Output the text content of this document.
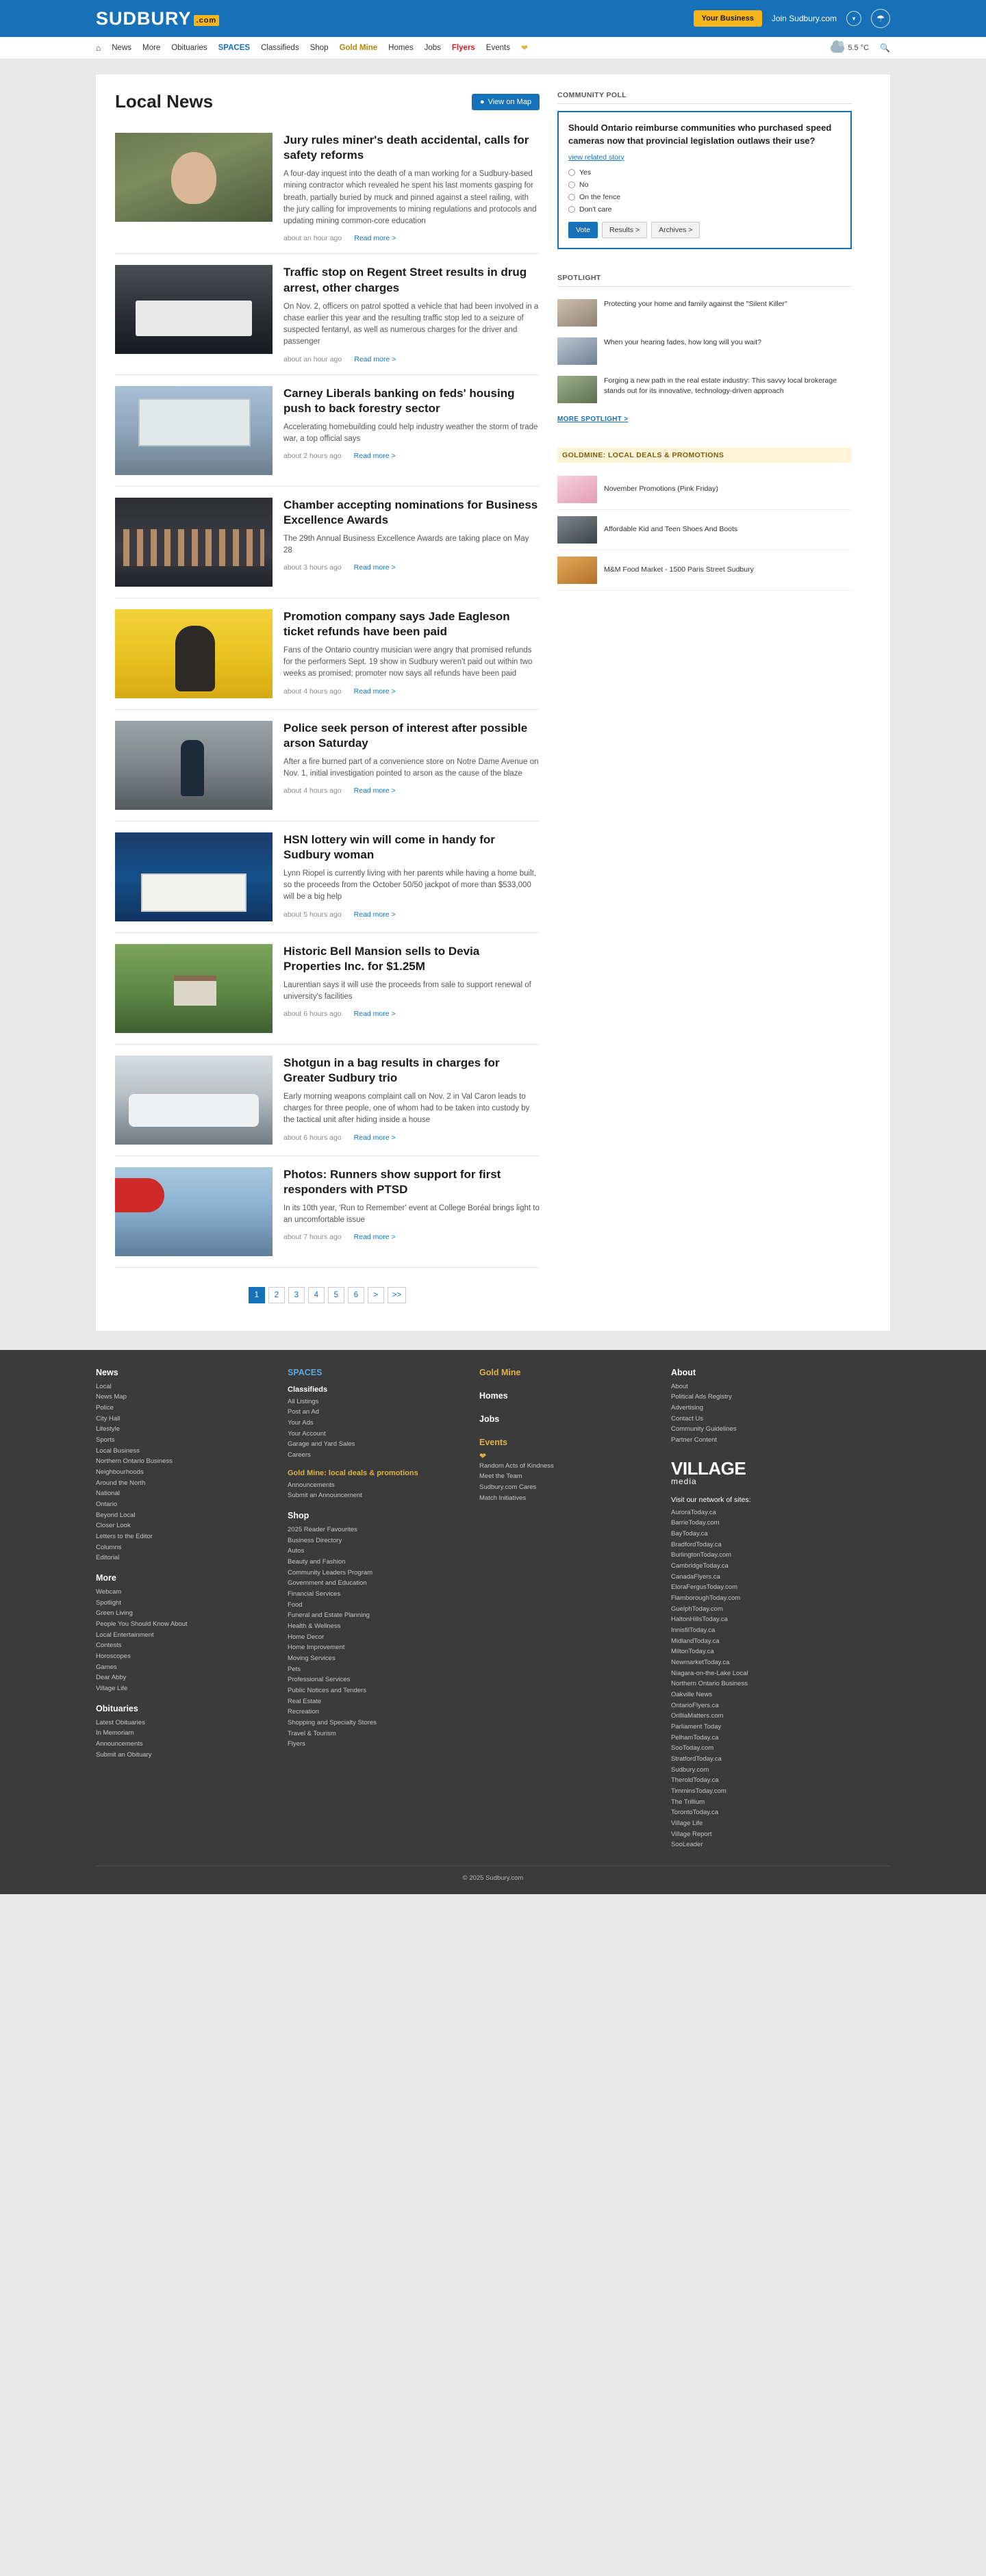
SUDBURY .com	Your Business	Join Sudbury.com	▾	☂
⌂ News More Obituaries SPACES Classifieds Shop Gold Mine Homes Jobs Flyers Events ❤	5.5 °C 🔍
Local News	● View on Map
Jury rules miner's death accidental, calls for safety reforms
A four-day inquest into the death of a man working for a Sudbury-based mining contractor which revealed he spent his last moments gasping for breath, partially buried by muck and pinned against a steel railing, with the jury calling for improvements to mining regulations and protocols and updating mining common-core education
about an hour ago Read more >
Traffic stop on Regent Street results in drug arrest, other charges
On Nov. 2, officers on patrol spotted a vehicle that had been involved in a chase earlier this year and the resulting traffic stop led to a seizure of suspected fentanyl, as well as numerous charges for the driver and passenger
about an hour ago Read more >
Carney Liberals banking on feds' housing push to back forestry sector
Accelerating homebuilding could help industry weather the storm of trade war, a top official says
about 2 hours ago Read more >
Chamber accepting nominations for Business Excellence Awards
The 29th Annual Business Excellence Awards are taking place on May 28
about 3 hours ago Read more >
Promotion company says Jade Eagleson ticket refunds have been paid
Fans of the Ontario country musician were angry that promised refunds for the performers Sept. 19 show in Sudbury weren't paid out within two weeks as promised; promoter now says all refunds have been paid
about 4 hours ago Read more >
Police seek person of interest after possible arson Saturday
After a fire burned part of a convenience store on Notre Dame Avenue on Nov. 1, initial investigation pointed to arson as the cause of the blaze
about 4 hours ago Read more >
HSN lottery win will come in handy for Sudbury woman
Lynn Riopel is currently living with her parents while having a home built, so the proceeds from the October 50/50 jackpot of more than $533,000 will be a big help
about 5 hours ago Read more >
Historic Bell Mansion sells to Devia Properties Inc. for $1.25M
Laurentian says it will use the proceeds from sale to support renewal of university's facilities
about 6 hours ago Read more >
Shotgun in a bag results in charges for Greater Sudbury trio
Early morning weapons complaint call on Nov. 2 in Val Caron leads to charges for three people, one of whom had to be taken into custody by the tactical unit after hiding inside a house
about 6 hours ago Read more >
Photos: Runners show support for first responders with PTSD
In its 10th year, 'Run to Remember' event at College Boréal brings light to an uncomfortable issue
about 7 hours ago Read more >
1	2	3	4	5	6	>	>>
COMMUNITY POLL
Should Ontario reimburse communities who purchased speed cameras now that provincial legislation outlaws their use?
view related story
Yes
No
On the fence
Don't care
Vote	Results >	Archives >
SPOTLIGHT
Protecting your home and family against the "Silent Killer"
When your hearing fades, how long will you wait?
Forging a new path in the real estate industry: This savvy local brokerage stands out for its innovative, technology-driven approach
MORE SPOTLIGHT >
GOLDMINE: LOCAL DEALS & PROMOTIONS
November Promotions (Pink Friday)
Affordable Kid and Teen Shoes And Boots
M&M Food Market - 1500 Paris Street Sudbury
News
Local
News Map
Police
City Hall
Lifestyle
Sports
Local Business
Northern Ontario Business
Neighbourhoods
Around the North
National
Ontario
Beyond Local
Closer Look
Letters to the Editor
Columns
Editorial
More
Webcam
Spotlight
Green Living
People You Should Know About
Local Entertainment
Contests
Horoscopes
Games
Dear Abby
Village Life
Obituaries
Latest Obituaries
In Memoriam
Announcements
Submit an Obituary
SPACES
Classifieds
All Listings
Post an Ad
Your Ads
Your Account
Garage and Yard Sales
Careers
Gold Mine: local deals & promotions
Announcements
Submit an Announcement
Shop
2025 Reader Favourites
Business Directory
Autos
Beauty and Fashion
Community Leaders Program
Government and Education
Financial Services
Food
Funeral and Estate Planning
Health & Wellness
Home Decor
Home Improvement
Moving Services
Pets
Professional Services
Public Notices and Tenders
Real Estate
Recreation
Shopping and Specialty Stores
Travel & Tourism
Flyers
Gold Mine
Homes
Jobs
Events
❤
Random Acts of Kindness
Meet the Team
Sudbury.com Cares
Match Initiatives
About
About
Political Ads Registry
Advertising
Contact Us
Community Guidelines
Partner Content
VILLAGE
media
Visit our network of sites:
AuroraToday.ca
BarrieToday.com
BayToday.ca
BradfordToday.ca
BurlingtonToday.com
CambridgeToday.ca
CanadaFlyers.ca
EloraFergusToday.com
FlamboroughToday.com
GuelphToday.com
HaltonHillsToday.ca
InnisfilToday.ca
MidlandToday.ca
MiltonToday.ca
NewmarketToday.ca
Niagara-on-the-Lake Local
Northern Ontario Business
Oakville News
OntarioFlyers.ca
OrilliaMatters.com
Parliament Today
PelhamToday.ca
SooToday.com
StratfordToday.ca
Sudbury.com
TheroldToday.ca
TimminsToday.com
The Trillium
TorontoToday.ca
Village Life
Village Report
SooLeader
© 2025 Sudbury.com
